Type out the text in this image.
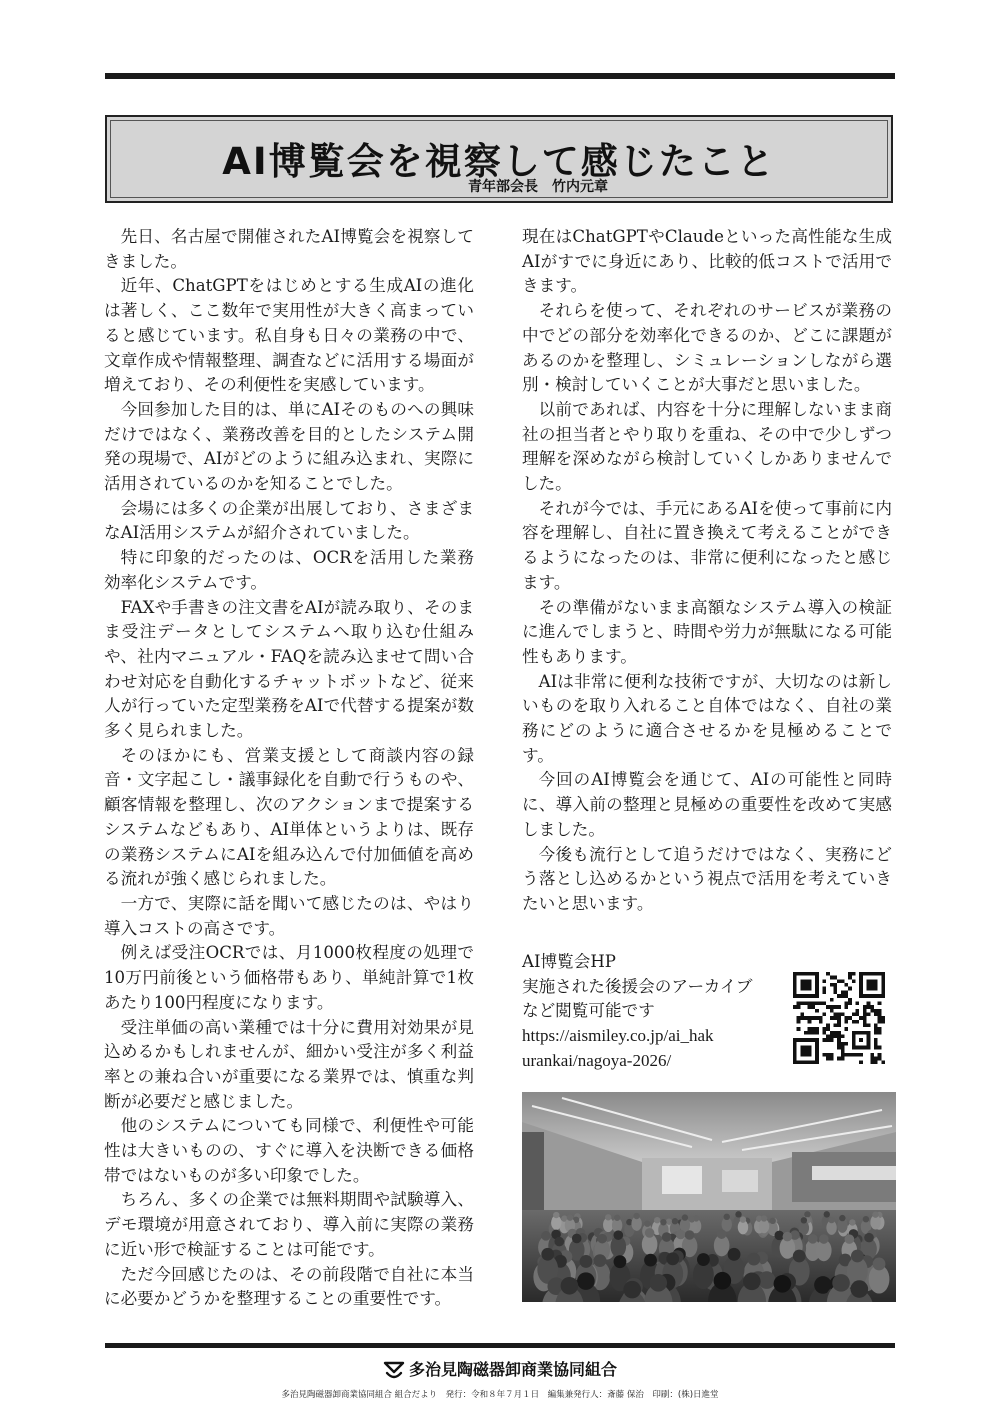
AI博覧会を視察して感じたこと
青年部会長　竹内元章

先日、名古屋で開催されたAI博覧会を視察してきました。

近年、ChatGPTをはじめとする生成AIの進化は著しく、ここ数年で実用性が大きく高まっていると感じています。私自身も日々の業務の中で、文章作成や情報整理、調査などに活用する場面が増えており、その利便性を実感しています。

今回参加した目的は、単にAIそのものへの興味だけではなく、業務改善を目的としたシステム開発の現場で、AIがどのように組み込まれ、実際に活用されているのかを知ることでした。

会場には多くの企業が出展しており、さまざまなAI活用システムが紹介されていました。

特に印象的だったのは、OCRを活用した業務効率化システムです。

FAXや手書きの注文書をAIが読み取り、そのまま受注データとしてシステムへ取り込む仕組みや、社内マニュアル・FAQを読み込ませて問い合わせ対応を自動化するチャットボットなど、従来人が行っていた定型業務をAIで代替する提案が数多く見られました。

そのほかにも、営業支援として商談内容の録音・文字起こし・議事録化を自動で行うものや、顧客情報を整理し、次のアクションまで提案するシステムなどもあり、AI単体というよりは、既存の業務システムにAIを組み込んで付加価値を高める流れが強く感じられました。

一方で、実際に話を聞いて感じたのは、やはり導入コストの高さです。

例えば受注OCRでは、月1000枚程度の処理で10万円前後という価格帯もあり、単純計算で1枚あたり100円程度になります。

受注単価の高い業種では十分に費用対効果が見込めるかもしれませんが、細かい受注が多く利益率との兼ね合いが重要になる業界では、慎重な判断が必要だと感じました。

他のシステムについても同様で、利便性や可能性は大きいものの、すぐに導入を決断できる価格帯ではないものが多い印象でした。

ちろん、多くの企業では無料期間や試験導入、デモ環境が用意されており、導入前に実際の業務に近い形で検証することは可能です。

ただ今回感じたのは、その前段階で自社に本当に必要かどうかを整理することの重要性です。

現在はChatGPTやClaudeといった高性能な生成AIがすでに身近にあり、比較的低コストで活用できます。

それらを使って、それぞれのサービスが業務の中でどの部分を効率化できるのか、どこに課題があるのかを整理し、シミュレーションしながら選別・検討していくことが大事だと思いました。

以前であれば、内容を十分に理解しないまま商社の担当者とやり取りを重ね、その中で少しずつ理解を深めながら検討していくしかありませんでした。

それが今では、手元にあるAIを使って事前に内容を理解し、自社に置き換えて考えることができるようになったのは、非常に便利になったと感じます。

その準備がないまま高額なシステム導入の検証に進んでしまうと、時間や労力が無駄になる可能性もあります。

AIは非常に便利な技術ですが、大切なのは新しいものを取り入れること自体ではなく、自社の業務にどのように適合させるかを見極めることです。

今回のAI博覧会を通じて、AIの可能性と同時に、導入前の整理と見極めの重要性を改めて実感しました。

今後も流行として追うだけではなく、実務にどう落とし込めるかという視点で活用を考えていきたいと思います。

AI博覧会HP
実施された後援会のアーカイブ
など閲覧可能です
https://aismiley.co.jp/ai_hak
urankai/nagoya-2026/
多治見陶磁器卸商業協同組合
多治見陶磁器卸商業協同組合 組合だより　発行：令和８年７月１日　編集兼発行人：斎藤 保治　印刷：(株)日進堂
